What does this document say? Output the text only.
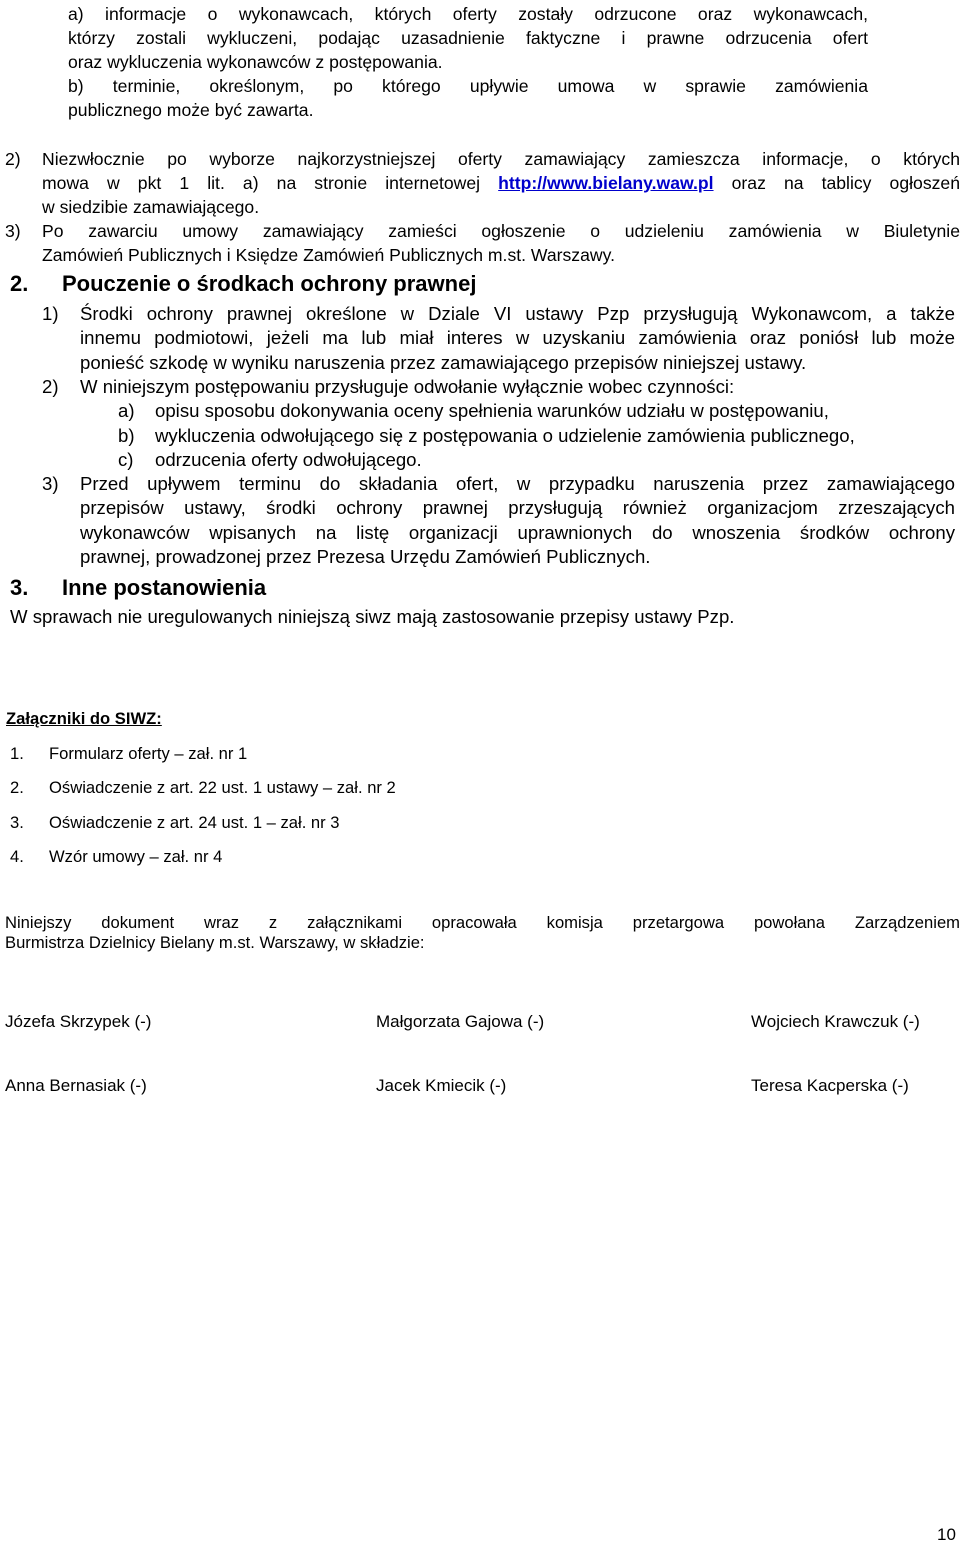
a) informacje o wykonawcach, których oferty zostały odrzucone oraz wykonawcach,
którzy zostali wykluczeni, podając uzasadnienie faktyczne i prawne odrzucenia ofert
oraz wykluczenia wykonawców z postępowania.
b) terminie, określonym, po którego upływie umowa w sprawie zamówienia
publicznego może być zawarta.
2) Niezwłocznie po wyborze najkorzystniejszej oferty zamawiający zamieszcza informacje, o których
mowa w pkt 1 lit. a) na stronie internetowej http://www.bielany.waw.pl oraz na tablicy ogłoszeń
w siedzibie zamawiającego.
3) Po zawarciu umowy zamawiający zamieści ogłoszenie o udzieleniu zamówienia w Biuletynie
Zamówień Publicznych i Księdze Zamówień Publicznych m.st. Warszawy.
2. Pouczenie o środkach ochrony prawnej
1) Środki ochrony prawnej określone w Dziale VI ustawy Pzp przysługują Wykonawcom, a także
innemu podmiotowi, jeżeli ma lub miał interes w uzyskaniu zamówienia oraz poniósł lub może
ponieść szkodę w wyniku naruszenia przez zamawiającego przepisów niniejszej ustawy.
2) W niniejszym postępowaniu przysługuje odwołanie wyłącznie wobec czynności:
a) opisu sposobu dokonywania oceny spełnienia warunków udziału w postępowaniu,
b) wykluczenia odwołującego się z postępowania o udzielenie zamówienia publicznego,
c) odrzucenia oferty odwołującego.
3) Przed upływem terminu do składania ofert, w przypadku naruszenia przez zamawiającego
przepisów ustawy, środki ochrony prawnej przysługują również organizacjom zrzeszających
wykonawców wpisanych na listę organizacji uprawnionych do wnoszenia środków ochrony
prawnej, prowadzonej przez Prezesa Urzędu Zamówień Publicznych.
3. Inne postanowienia
W sprawach nie uregulowanych niniejszą siwz mają zastosowanie przepisy ustawy Pzp.
Załączniki do SIWZ:
1. Formularz oferty – zał. nr 1
2. Oświadczenie z art. 22 ust. 1 ustawy – zał. nr 2
3. Oświadczenie z art. 24 ust. 1 – zał. nr 3
4. Wzór umowy – zał. nr 4
Niniejszy dokument wraz z załącznikami opracowała komisja przetargowa powołana Zarządzeniem
Burmistrza Dzielnicy Bielany m.st. Warszawy, w składzie:
Józefa Skrzypek (-)	Małgorzata Gajowa (-)	Wojciech Krawczuk (-)
Anna Bernasiak (-)	Jacek Kmiecik (-)	Teresa Kacperska (-)
10
